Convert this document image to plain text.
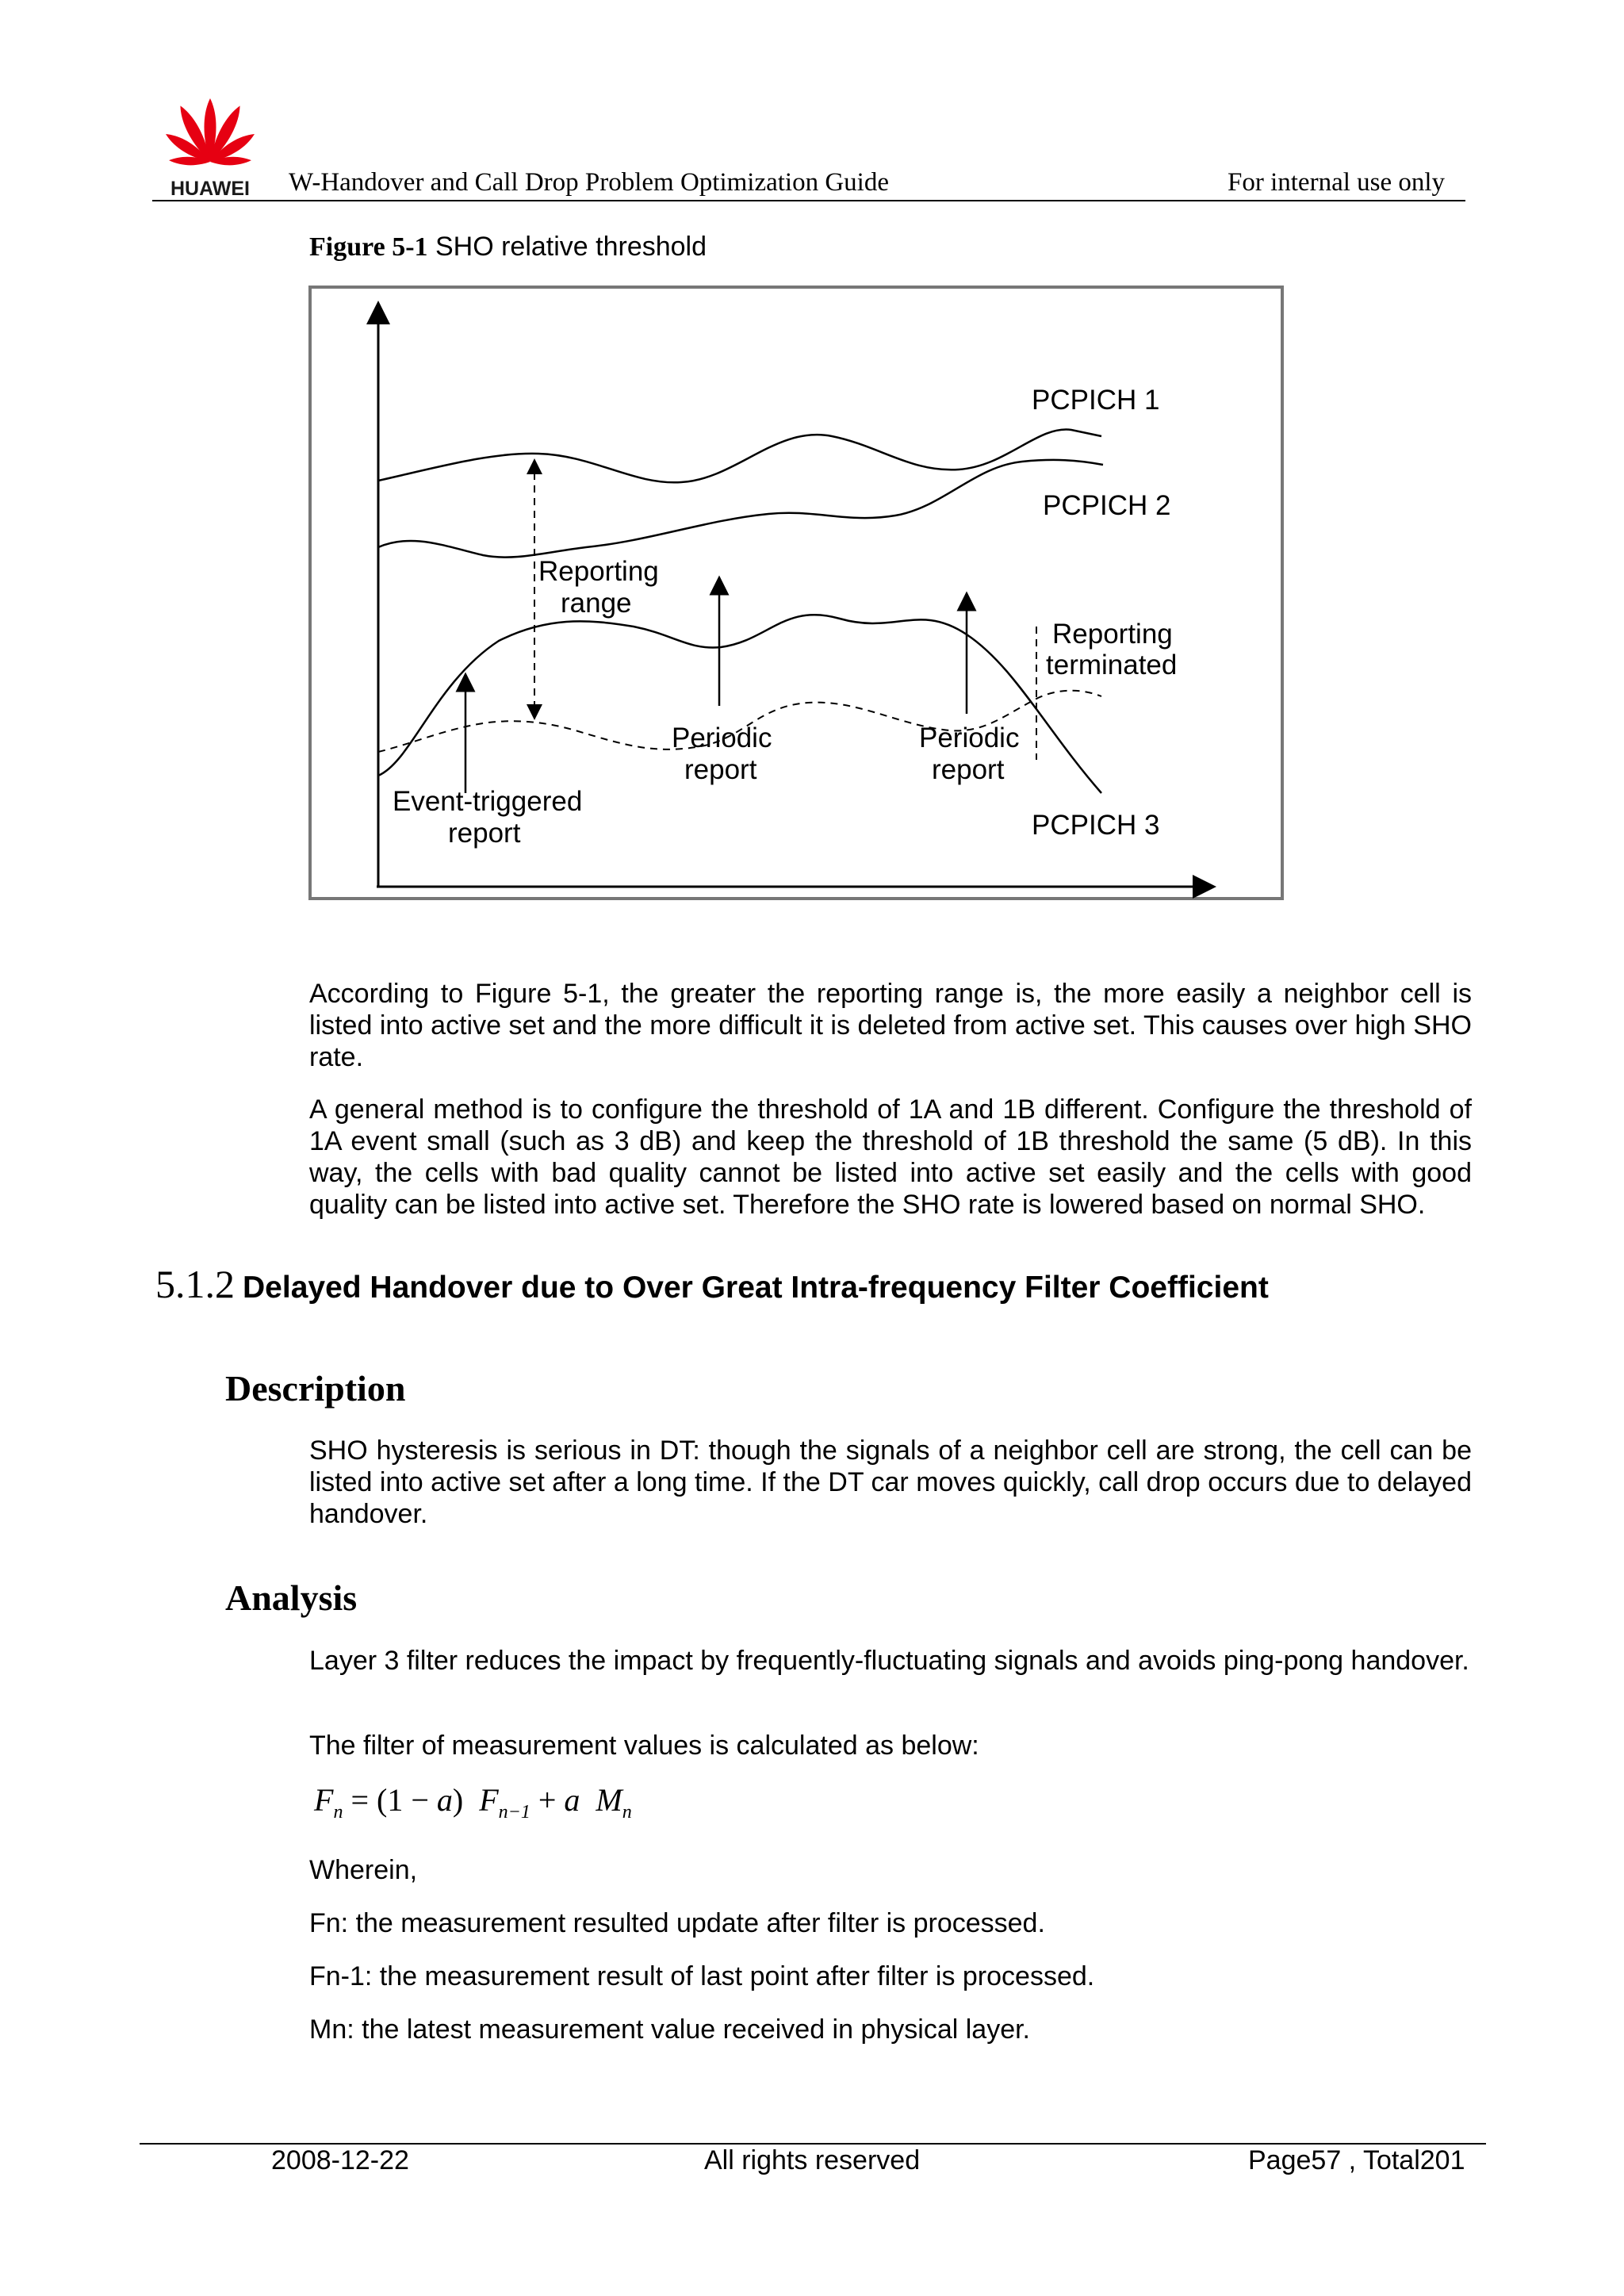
HUAWEI W-Handover and Call Drop Problem Optimization Guide	For internal use only
Figure 5-1 SHO relative threshold
PCPICH 1
PCPICH 2
PCPICH 3
Reporting
range
Reporting
terminated
Periodic
report
Periodic
report
Event-triggered
report

According to Figure 5-1, the greater the reporting range is, the more easily a neighbor cell is listed into active set and the more difficult it is deleted from active set. This causes over high SHO rate.

A general method is to configure the threshold of 1A and 1B different. Configure the threshold of 1A event small (such as 3 dB) and keep the threshold of 1B threshold the same (5 dB). In this way, the cells with bad quality cannot be listed into active set easily and the cells with good quality can be listed into active set. Therefore the SHO rate is lowered based on normal SHO.

5.1.2 Delayed Handover due to Over Great Intra-frequency Filter Coefficient
Description

SHO hysteresis is serious in DT: though the signals of a neighbor cell are strong, the cell can be listed into active set after a long time. If the DT car moves quickly, call drop occurs due to delayed handover.

Analysis

Layer 3 filter reduces the impact by frequently-fluctuating signals and avoids ping-pong handover.

The filter of measurement values is calculated as below:

$F_n = (1 - a) F_{n-1} + a$ $M_n$

Wherein,

Fn: the measurement resulted update after filter is processed.

Fn-1: the measurement result of last point after filter is processed.

Mn: the latest measurement value received in physical layer.

2008-12-22	All rights reserved	Page57 , Total201
